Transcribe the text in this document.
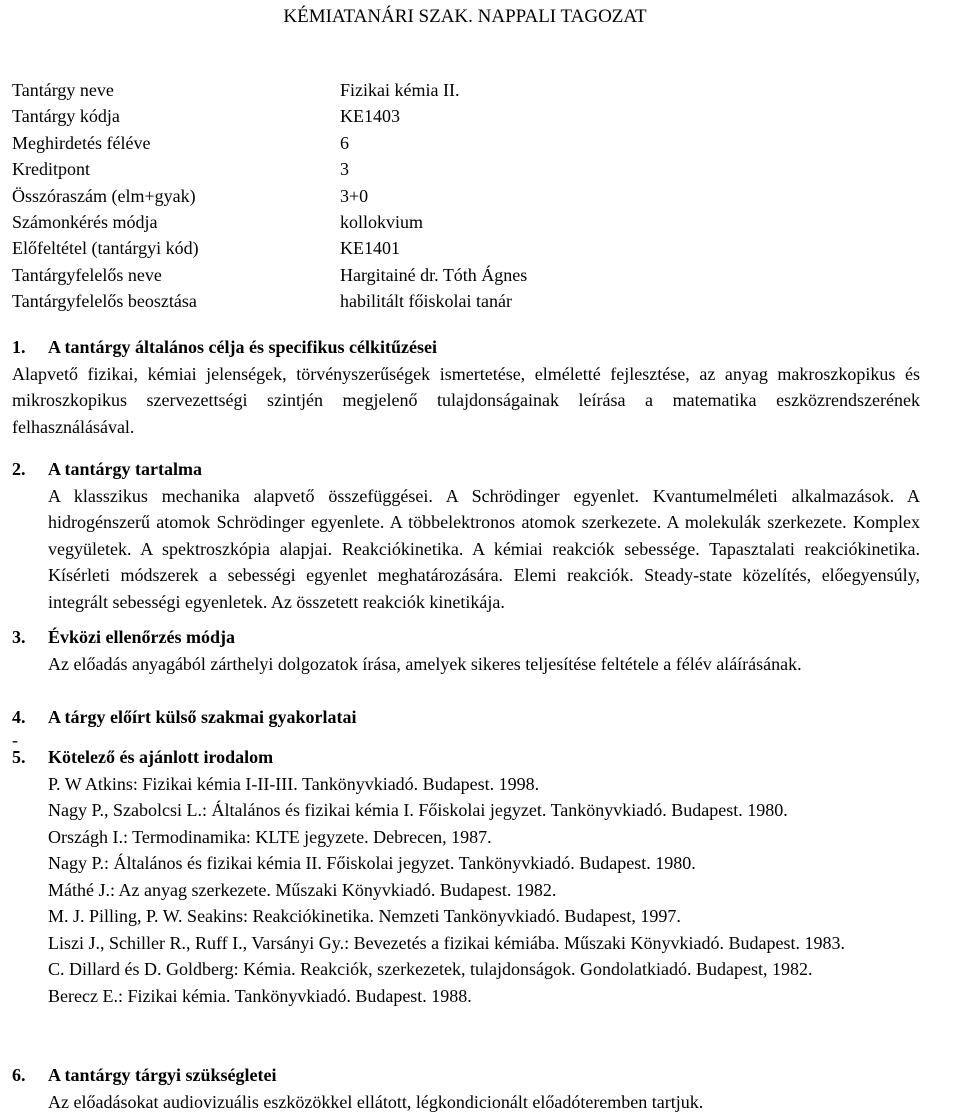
KÉMIATANÁRI SZAK. NAPPALI TAGOZAT
Tantárgy neve	Fizikai kémia II.
Tantárgy kódja	KE1403
Meghirdetés féléve	6
Kreditpont	3
Összóraszám (elm+gyak)	3+0
Számonkérés módja	kollokvium
Előfeltétel (tantárgyi kód)	KE1401
Tantárgyfelelős neve	Hargitainé dr. Tóth Ágnes
Tantárgyfelelős beosztása	habilitált főiskolai tanár
1. A tantárgy általános célja és specifikus célkitűzései
Alapvető fizikai, kémiai jelenségek, törvényszerűségek ismertetése, elméletté fejlesztése, az anyag makroszkopikus és mikroszkopikus szervezettségi szintjén megjelenő tulajdonságainak leírása a matematika eszközrendszerének felhasználásával.
2. A tantárgy tartalma
A klasszikus mechanika alapvető összefüggései. A Schrödinger egyenlet. Kvantumelméleti alkalmazások. A hidrogénszerű atomok Schrödinger egyenlete. A többelektronos atomok szerkezete. A molekulák szerkezete. Komplex vegyületek. A spektroszkópia alapjai. Reakciókinetika. A kémiai reakciók sebessége. Tapasztalati reakciókinetika. Kísérleti módszerek a sebességi egyenlet meghatározására. Elemi reakciók. Steady-state közelítés, előegyensúly, integrált sebességi egyenletek. Az összetett reakciók kinetikája.
3. Évközi ellenőrzés módja
Az előadás anyagából zárthelyi dolgozatok írása, amelyek sikeres teljesítése feltétele a félév aláírásának.
4. A tárgy előírt külső szakmai gyakorlatai
-
5. Kötelező és ajánlott irodalom
P. W Atkins: Fizikai kémia I-II-III. Tankönyvkiadó. Budapest. 1998.
Nagy P., Szabolcsi L.: Általános és fizikai kémia I. Főiskolai jegyzet. Tankönyvkiadó. Budapest. 1980.
Országh I.: Termodinamika: KLTE jegyzete. Debrecen, 1987.
Nagy P.: Általános és fizikai kémia II. Főiskolai jegyzet. Tankönyvkiadó. Budapest. 1980.
Máthé J.: Az anyag szerkezete. Műszaki Könyvkiadó. Budapest. 1982.
M. J. Pilling, P. W. Seakins: Reakciókinetika. Nemzeti Tankönyvkiadó. Budapest, 1997.
Liszi J., Schiller R., Ruff I., Varsányi Gy.: Bevezetés a fizikai kémiába. Műszaki Könyvkiadó. Budapest. 1983.
C. Dillard és D. Goldberg: Kémia. Reakciók, szerkezetek, tulajdonságok. Gondolatkiadó. Budapest, 1982.
Berecz E.: Fizikai kémia. Tankönyvkiadó. Budapest. 1988.
6. A tantárgy tárgyi szükségletei
Az előadásokat audiovizuális eszközökkel ellátott, légkondicionált előadóteremben tartjuk.
